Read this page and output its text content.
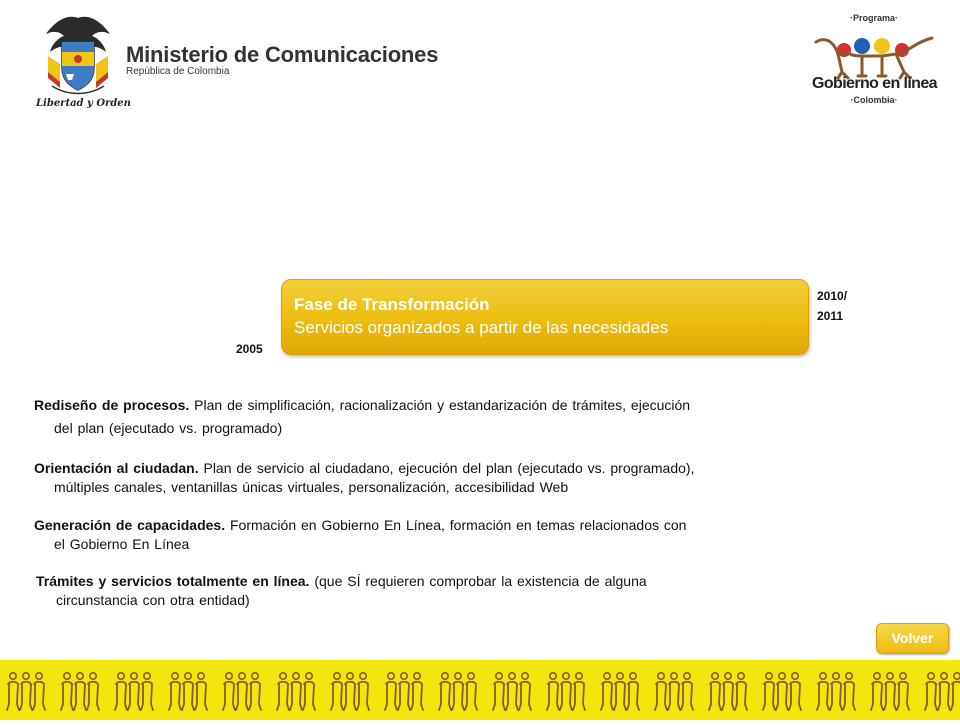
Libertad y Orden
Ministerio de Comunicaciones
República de Colombia
·Programa·
Gobierno en línea
·Colombia·
2005
Fase de Transformación
Servicios organizados a partir de las necesidades
2010/
2011
Rediseño de procesos. Plan de simplificación, racionalización y estandarización de trámites, ejecución
del plan (ejecutado vs. programado)
Orientación al ciudadan. Plan de servicio al ciudadano, ejecución del plan (ejecutado vs. programado),
múltiples canales, ventanillas únicas virtuales, personalización, accesibilidad Web
Generación de capacidades. Formación en Gobierno En Línea, formación en temas relacionados con
el Gobierno En Línea
Trámites y servicios totalmente en línea. (que SÍ requieren comprobar la existencia de alguna
circunstancia con otra entidad)
Volver
